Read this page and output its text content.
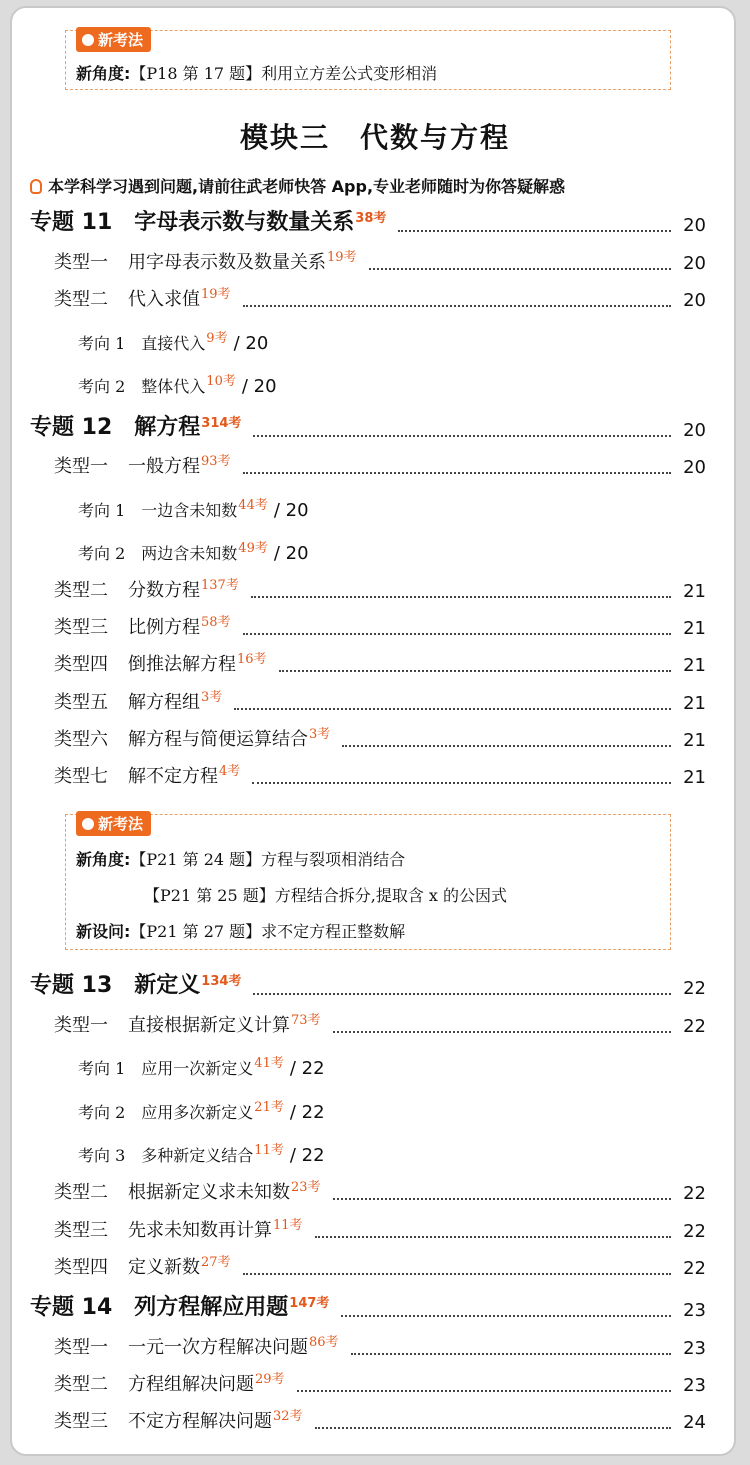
新考法
新角度:【P18 第 17 题】利用立方差公式变形相消
模块三　代数与方程
本学科学习遇到问题,请前往武老师快答 App,专业老师随时为你答疑解惑
新考法
新角度:【P21 第 24 题】方程与裂项相消结合
【P21 第 25 题】方程结合拆分,提取含 x 的公因式
新设问:【P21 第 27 题】求不定方程正整数解
专题 11 字母表示数与数量关系$^{38考}$	20
类型一 用字母表示数及数量关系$^{19考}$	20
类型二 代入求值$^{19考}$	20
考向 1 直接代入$^{9考}$ / 20
考向 2 整体代入$^{10考}$ / 20
专题 12 解方程$^{314考}$	20
类型一 一般方程$^{93考}$	20
考向 1 一边含未知数$^{44考}$ / 20
考向 2 两边含未知数$^{49考}$ / 20
类型二 分数方程$^{137考}$	21
类型三 比例方程$^{58考}$	21
类型四 倒推法解方程$^{16考}$	21
类型五 解方程组$^{3考}$	21
类型六 解方程与简便运算结合$^{3考}$	21
类型七 解不定方程$^{4考}$	21
专题 13 新定义$^{134考}$	22
类型一 直接根据新定义计算$^{73考}$	22
考向 1 应用一次新定义$^{41考}$ / 22
考向 2 应用多次新定义$^{21考}$ / 22
考向 3 多种新定义结合$^{11考}$ / 22
类型二 根据新定义求未知数$^{23考}$	22
类型三 先求未知数再计算$^{11考}$	22
类型四 定义新数$^{27考}$	22
专题 14 列方程解应用题$^{147考}$	23
类型一 一元一次方程解决问题$^{86考}$	23
类型二 方程组解决问题$^{29考}$	23
类型三 不定方程解决问题$^{32考}$	24
